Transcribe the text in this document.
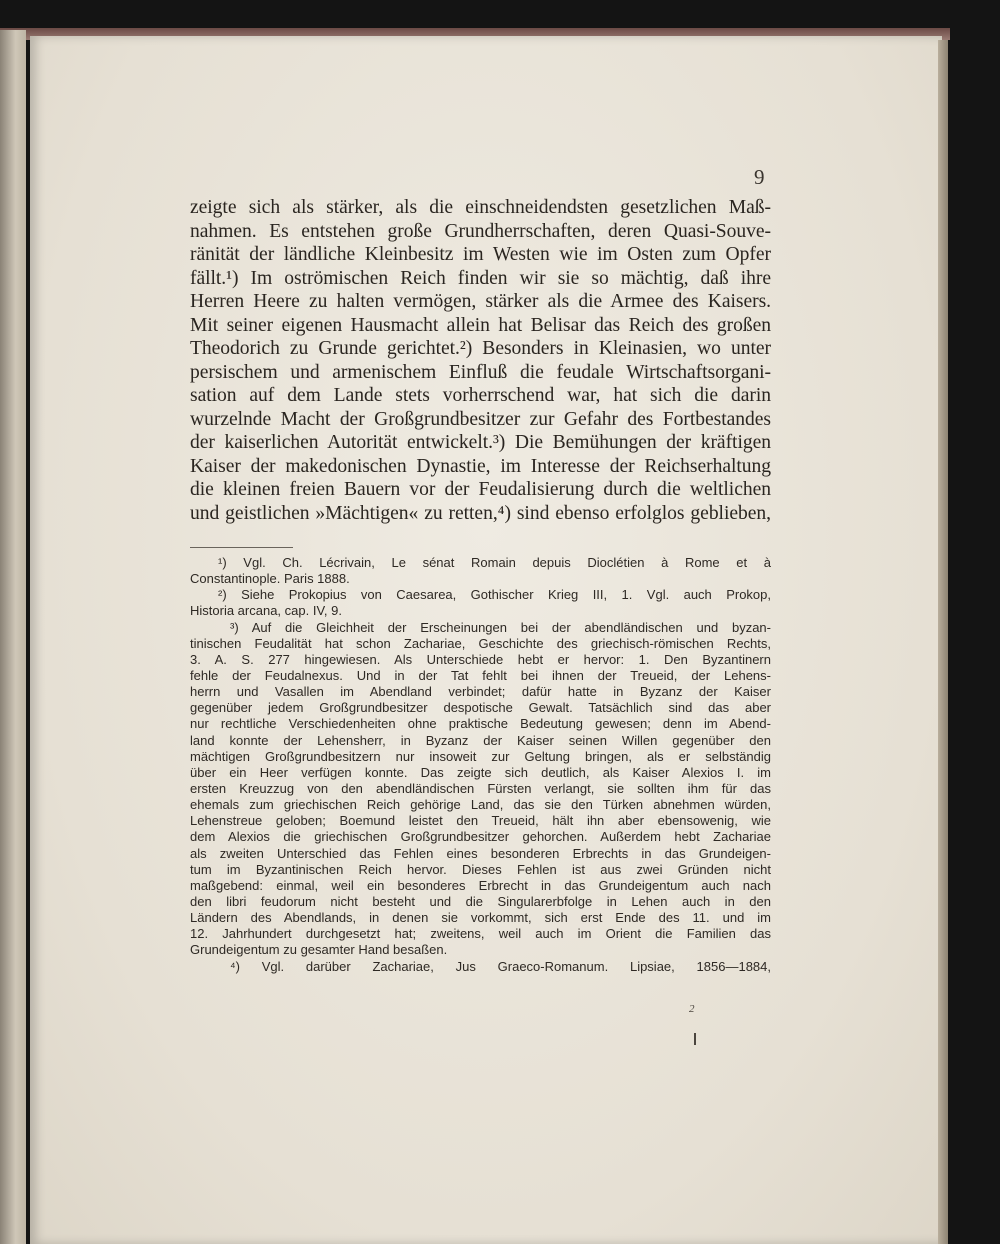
9
zeigte sich als stärker, als die einschneidendsten gesetzlichen Maß-
nahmen. Es entstehen große Grundherrschaften, deren Quasi-Souve-
ränität der ländliche Kleinbesitz im Westen wie im Osten zum Opfer
fällt.¹) Im oströmischen Reich finden wir sie so mächtig, daß ihre
Herren Heere zu halten vermögen, stärker als die Armee des Kaisers.
Mit seiner eigenen Hausmacht allein hat Belisar das Reich des großen
Theodorich zu Grunde gerichtet.²) Besonders in Kleinasien, wo unter
persischem und armenischem Einfluß die feudale Wirtschaftsorgani-
sation auf dem Lande stets vorherrschend war, hat sich die darin
wurzelnde Macht der Großgrundbesitzer zur Gefahr des Fortbestandes
der kaiserlichen Autorität entwickelt.³) Die Bemühungen der kräftigen
Kaiser der makedonischen Dynastie, im Interesse der Reichserhaltung
die kleinen freien Bauern vor der Feudalisierung durch die weltlichen
und geistlichen »Mächtigen« zu retten,⁴) sind ebenso erfolglos geblieben,
¹) Vgl. Ch. Lécrivain, Le sénat Romain depuis Dioclétien à Rome et à
Constantinople. Paris 1888.
²) Siehe Prokopius von Caesarea, Gothischer Krieg III, 1. Vgl. auch Prokop,
Historia arcana, cap. IV, 9.
³) Auf die Gleichheit der Erscheinungen bei der abendländischen und byzan-
tinischen Feudalität hat schon Zachariae, Geschichte des griechisch-römischen Rechts,
3. A. S. 277 hingewiesen. Als Unterschiede hebt er hervor: 1. Den Byzantinern
fehle der Feudalnexus. Und in der Tat fehlt bei ihnen der Treueid, der Lehens-
herrn und Vasallen im Abendland verbindet; dafür hatte in Byzanz der Kaiser
gegenüber jedem Großgrundbesitzer despotische Gewalt. Tatsächlich sind das aber
nur rechtliche Verschiedenheiten ohne praktische Bedeutung gewesen; denn im Abend-
land konnte der Lehensherr, in Byzanz der Kaiser seinen Willen gegenüber den
mächtigen Großgrundbesitzern nur insoweit zur Geltung bringen, als er selbständig
über ein Heer verfügen konnte. Das zeigte sich deutlich, als Kaiser Alexios I. im
ersten Kreuzzug von den abendländischen Fürsten verlangt, sie sollten ihm für das
ehemals zum griechischen Reich gehörige Land, das sie den Türken abnehmen würden,
Lehenstreue geloben; Boemund leistet den Treueid, hält ihn aber ebensowenig, wie
dem Alexios die griechischen Großgrundbesitzer gehorchen. Außerdem hebt Zachariae
als zweiten Unterschied das Fehlen eines besonderen Erbrechts in das Grundeigen-
tum im Byzantinischen Reich hervor. Dieses Fehlen ist aus zwei Gründen nicht
maßgebend: einmal, weil ein besonderes Erbrecht in das Grundeigentum auch nach
den libri feudorum nicht besteht und die Singularerbfolge in Lehen auch in den
Ländern des Abendlands, in denen sie vorkommt, sich erst Ende des 11. und im
12. Jahrhundert durchgesetzt hat; zweitens, weil auch im Orient die Familien das
Grundeigentum zu gesamter Hand besaßen.
⁴) Vgl. darüber Zachariae, Jus Graeco-Romanum. Lipsiae, 1856—1884,
2
